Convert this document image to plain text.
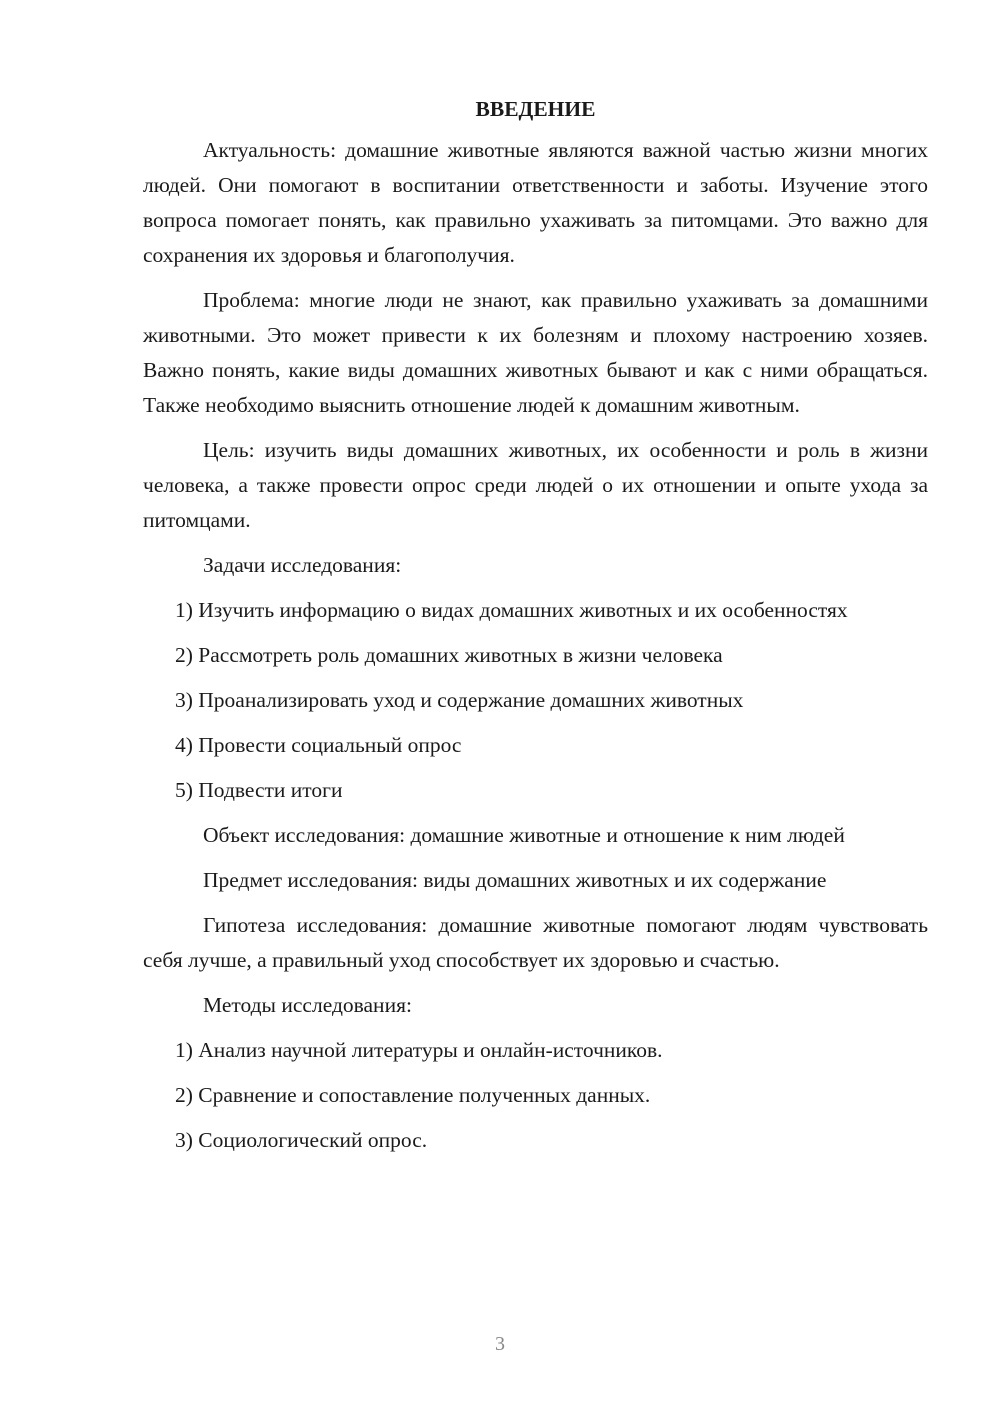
ВВЕДЕНИЕ

Актуальность: домашние животные являются важной частью жизни многих людей. Они помогают в воспитании ответственности и заботы. Изучение этого вопроса помогает понять, как правильно ухаживать за питомцами. Это важно для сохранения их здоровья и благополучия.

Проблема: многие люди не знают, как правильно ухаживать за домашними животными. Это может привести к их болезням и плохому настроению хозяев. Важно понять, какие виды домашних животных бывают и как с ними обращаться. Также необходимо выяснить отношение людей к домашним животным.

Цель: изучить виды домашних животных, их особенности и роль в жизни человека, а также провести опрос среди людей о их отношении и опыте ухода за питомцами.

Задачи исследования:

1) Изучить информацию о видах домашних животных и их особенностях

2) Рассмотреть роль домашних животных в жизни человека

3) Проанализировать уход и содержание домашних животных

4) Провести социальный опрос

5) Подвести итоги

Объект исследования: домашние животные и отношение к ним людей

Предмет исследования: виды домашних животных и их содержание

Гипотеза исследования: домашние животные помогают людям чувствовать себя лучше, а правильный уход способствует их здоровью и счастью.

Методы исследования:

1) Анализ научной литературы и онлайн-источников.

2) Сравнение и сопоставление полученных данных.

3) Социологический опрос.

3
